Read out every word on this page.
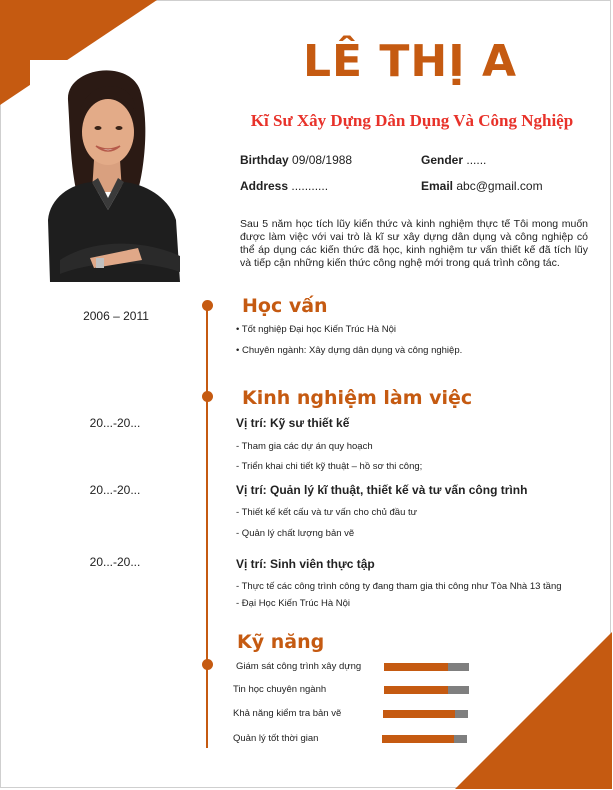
LÊ THỊ A
Kĩ Sư Xây Dựng Dân Dụng Và Công Nghiệp
Birthday 09/08/1988	Gender ......
Address ...........	Email abc@gmail.com
Sau 5 năm học tích lũy kiến thức và kinh nghiệm thực tế Tôi mong muốn được làm việc với vai trò là kĩ sư xây dựng dân dụng và công nghiệp có thể áp dụng các kiến thức đã học, kinh nghiệm tư vấn thiết kế đã tích lũy và tiếp cận những kiến thức công nghệ mới trong quá trình công tác.
Học vấn
2006 – 2011
• Tốt nghiệp Đại học Kiến Trúc Hà Nội
• Chuyên ngành: Xây dựng dân dụng và công nghiệp.
Kinh nghiệm làm việc
20...-20...	Vị trí: Kỹ sư thiết kế
- Tham gia các dự án quy hoạch
- Triển khai chi tiết kỹ thuật – hồ sơ thi công;
20...-20...	Vị trí: Quản lý kĩ thuật, thiết kế và tư vấn công trình
- Thiết kế kết cấu và tư vấn cho chủ đầu tư
- Quản lý chất lượng bản vẽ
20...-20...	Vị trí: Sinh viên thực tập
- Thực tế các công trình công ty đang tham gia thi công như Tòa Nhà 13 tầng
- Đại Học Kiến Trúc Hà Nội
Kỹ năng
Giám sát công trình xây dựng
Tin học chuyên ngành
Khả năng kiểm tra bản vẽ
Quản lý tốt thời gian
